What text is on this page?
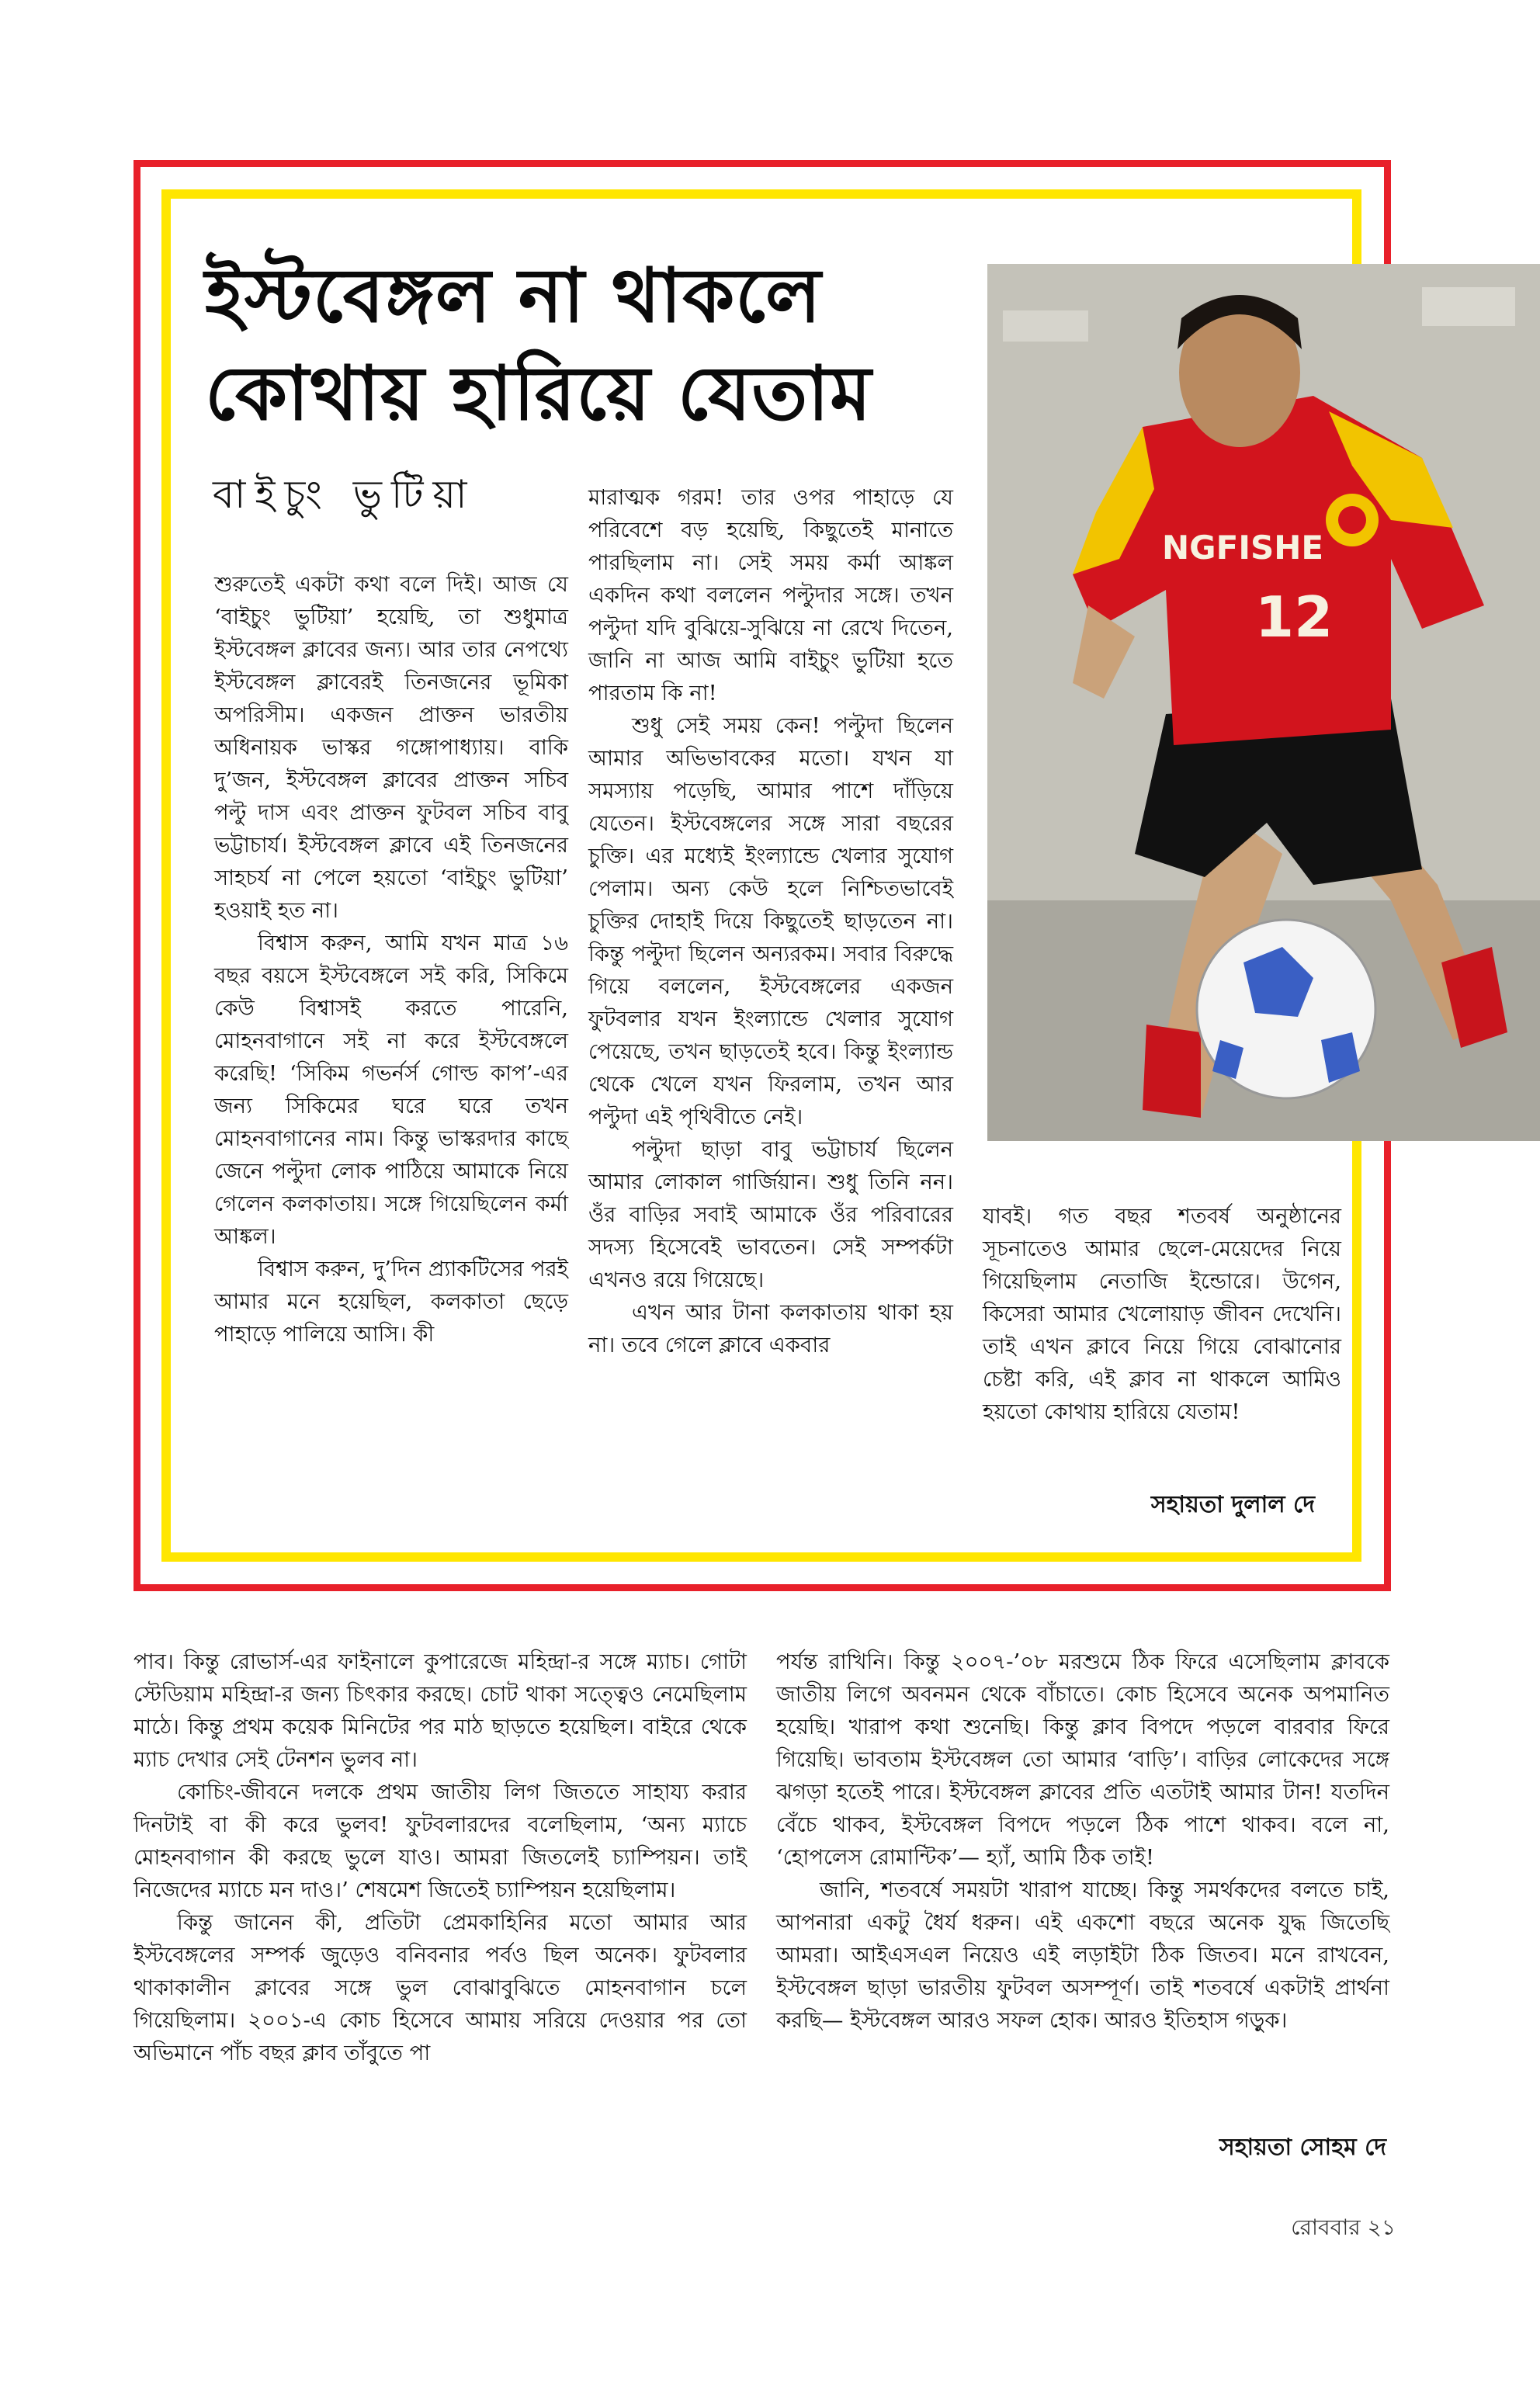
ইস্টবেঙ্গল না থাকলে
কোথায় হারিয়ে যেতাম
বাইচুং ভুটিয়া
NGFISHE
12

শুরুতেই একটা কথা বলে দিই। আজ যে ‘বাইচুং ভুটিয়া’ হয়েছি, তা শুধুমাত্র ইস্টবেঙ্গল ক্লাবের জন্য। আর তার নেপথ্যে ইস্টবেঙ্গল ক্লাবেরই তিনজনের ভূমিকা অপরিসীম। একজন প্রাক্তন ভারতীয় অধিনায়ক ভাস্কর গঙ্গোপাধ্যায়। বাকি দু’জন, ইস্টবেঙ্গল ক্লাবের প্রাক্তন সচিব পল্টু দাস এবং প্রাক্তন ফুটবল সচিব বাবু ভট্টাচার্য। ইস্টবেঙ্গল ক্লাবে এই তিনজনের সাহচর্য না পেলে হয়তো ‘বাইচুং ভুটিয়া’ হওয়াই হত না।

বিশ্বাস করুন, আমি যখন মাত্র ১৬ বছর বয়সে ইস্টবেঙ্গলে সই করি, সিকিমে কেউ বিশ্বাসই করতে পারেনি, মোহনবাগানে সই না করে ইস্টবেঙ্গলে করেছি! ‘সিকিম গভর্নর্স গোল্ড কাপ’-এর জন্য সিকিমের ঘরে ঘরে তখন মোহনবাগানের নাম। কিন্তু ভাস্করদার কাছে জেনে পল্টুদা লোক পাঠিয়ে আমাকে নিয়ে গেলেন কলকাতায়। সঙ্গে গিয়েছিলেন কর্মা আঙ্কল।

বিশ্বাস করুন, দু’দিন প্র্যাকটিসের পরই আমার মনে হয়েছিল, কলকাতা ছেড়ে পাহাড়ে পালিয়ে আসি। কী

মারাত্মক গরম! তার ওপর পাহাড়ে যে পরিবেশে বড় হয়েছি, কিছুতেই মানাতে পারছিলাম না। সেই সময় কর্মা আঙ্কল একদিন কথা বললেন পল্টুদার সঙ্গে। তখন পল্টুদা যদি বুঝিয়ে-সুঝিয়ে না রেখে দিতেন, জানি না আজ আমি বাইচুং ভুটিয়া হতে পারতাম কি না!

শুধু সেই সময় কেন! পল্টুদা ছিলেন আমার অভিভাবকের মতো। যখন যা সমস্যায় পড়েছি, আমার পাশে দাঁড়িয়ে যেতেন। ইস্টবেঙ্গলের সঙ্গে সারা বছরের চুক্তি। এর মধ্যেই ইংল্যান্ডে খেলার সুযোগ পেলাম। অন্য কেউ হলে নিশ্চিতভাবেই চুক্তির দোহাই দিয়ে কিছুতেই ছাড়তেন না। কিন্তু পল্টুদা ছিলেন অন্যরকম। সবার বিরুদ্ধে গিয়ে বললেন, ইস্টবেঙ্গলের একজন ফুটবলার যখন ইংল্যান্ডে খেলার সুযোগ পেয়েছে, তখন ছাড়তেই হবে। কিন্তু ইংল্যান্ড থেকে খেলে যখন ফিরলাম, তখন আর পল্টুদা এই পৃথিবীতে নেই।

পল্টুদা ছাড়া বাবু ভট্টাচার্য ছিলেন আমার লোকাল গার্জিয়ান। শুধু তিনি নন। ওঁর বাড়ির সবাই আমাকে ওঁর পরিবারের সদস্য হিসেবেই ভাবতেন। সেই সম্পর্কটা এখনও রয়ে গিয়েছে।

এখন আর টানা কলকাতায় থাকা হয় না। তবে গেলে ক্লাবে একবার

যাবই। গত বছর শতবর্ষ অনুষ্ঠানের সূচনাতেও আমার ছেলে-মেয়েদের নিয়ে গিয়েছিলাম নেতাজি ইন্ডোরে। উগেন, কিসেরা আমার খেলোয়াড় জীবন দেখেনি। তাই এখন ক্লাবে নিয়ে গিয়ে বোঝানোর চেষ্টা করি, এই ক্লাব না থাকলে আমিও হয়তো কোথায় হারিয়ে যেতাম!

সহায়তা দুলাল দে

পাব। কিন্তু রোভার্স-এর ফাইনালে কুপারেজে মহিন্দ্রা-র সঙ্গে ম্যাচ। গোটা স্টেডিয়াম মহিন্দ্রা-র জন্য চিৎকার করছে। চোট থাকা সত্ত্বেও নেমেছিলাম মাঠে। কিন্তু প্রথম কয়েক মিনিটের পর মাঠ ছাড়তে হয়েছিল। বাইরে থেকে ম্যাচ দেখার সেই টেনশন ভুলব না।

কোচিং-জীবনে দলকে প্রথম জাতীয় লিগ জিততে সাহায্য করার দিনটাই বা কী করে ভুলব! ফুটবলারদের বলেছিলাম, ‘অন্য ম্যাচে মোহনবাগান কী করছে ভুলে যাও। আমরা জিতলেই চ্যাম্পিয়ন। তাই নিজেদের ম্যাচে মন দাও।’ শেষমেশ জিতেই চ্যাম্পিয়ন হয়েছিলাম।

কিন্তু জানেন কী, প্রতিটা প্রেমকাহিনির মতো আমার আর ইস্টবেঙ্গলের সম্পর্ক জুড়েও বনিবনার পর্বও ছিল অনেক। ফুটবলার থাকাকালীন ক্লাবের সঙ্গে ভুল বোঝাবুঝিতে মোহনবাগান চলে গিয়েছিলাম। ২০০১-এ কোচ হিসেবে আমায় সরিয়ে দেওয়ার পর তো অভিমানে পাঁচ বছর ক্লাব তাঁবুতে পা

পর্যন্ত রাখিনি। কিন্তু ২০০৭-’০৮ মরশুমে ঠিক ফিরে এসেছিলাম ক্লাবকে জাতীয় লিগে অবনমন থেকে বাঁচাতে। কোচ হিসেবে অনেক অপমানিত হয়েছি। খারাপ কথা শুনেছি। কিন্তু ক্লাব বিপদে পড়লে বারবার ফিরে গিয়েছি। ভাবতাম ইস্টবেঙ্গল তো আমার ‘বাড়ি’। বাড়ির লোকেদের সঙ্গে ঝগড়া হতেই পারে। ইস্টবেঙ্গল ক্লাবের প্রতি এতটাই আমার টান! যতদিন বেঁচে থাকব, ইস্টবেঙ্গল বিপদে পড়লে ঠিক পাশে থাকব। বলে না, ‘হোপলেস রোমান্টিক’— হ্যাঁ, আমি ঠিক তাই!

জানি, শতবর্ষে সময়টা খারাপ যাচ্ছে। কিন্তু সমর্থকদের বলতে চাই, আপনারা একটু ধৈর্য ধরুন। এই একশো বছরে অনেক যুদ্ধ জিতেছি আমরা। আইএসএল নিয়েও এই লড়াইটা ঠিক জিতব। মনে রাখবেন, ইস্টবেঙ্গল ছাড়া ভারতীয় ফুটবল অসম্পূর্ণ। তাই শতবর্ষে একটাই প্রার্থনা করছি— ইস্টবেঙ্গল আরও সফল হোক। আরও ইতিহাস গড়ুক।

সহায়তা সোহম দে
রোববার ২১
